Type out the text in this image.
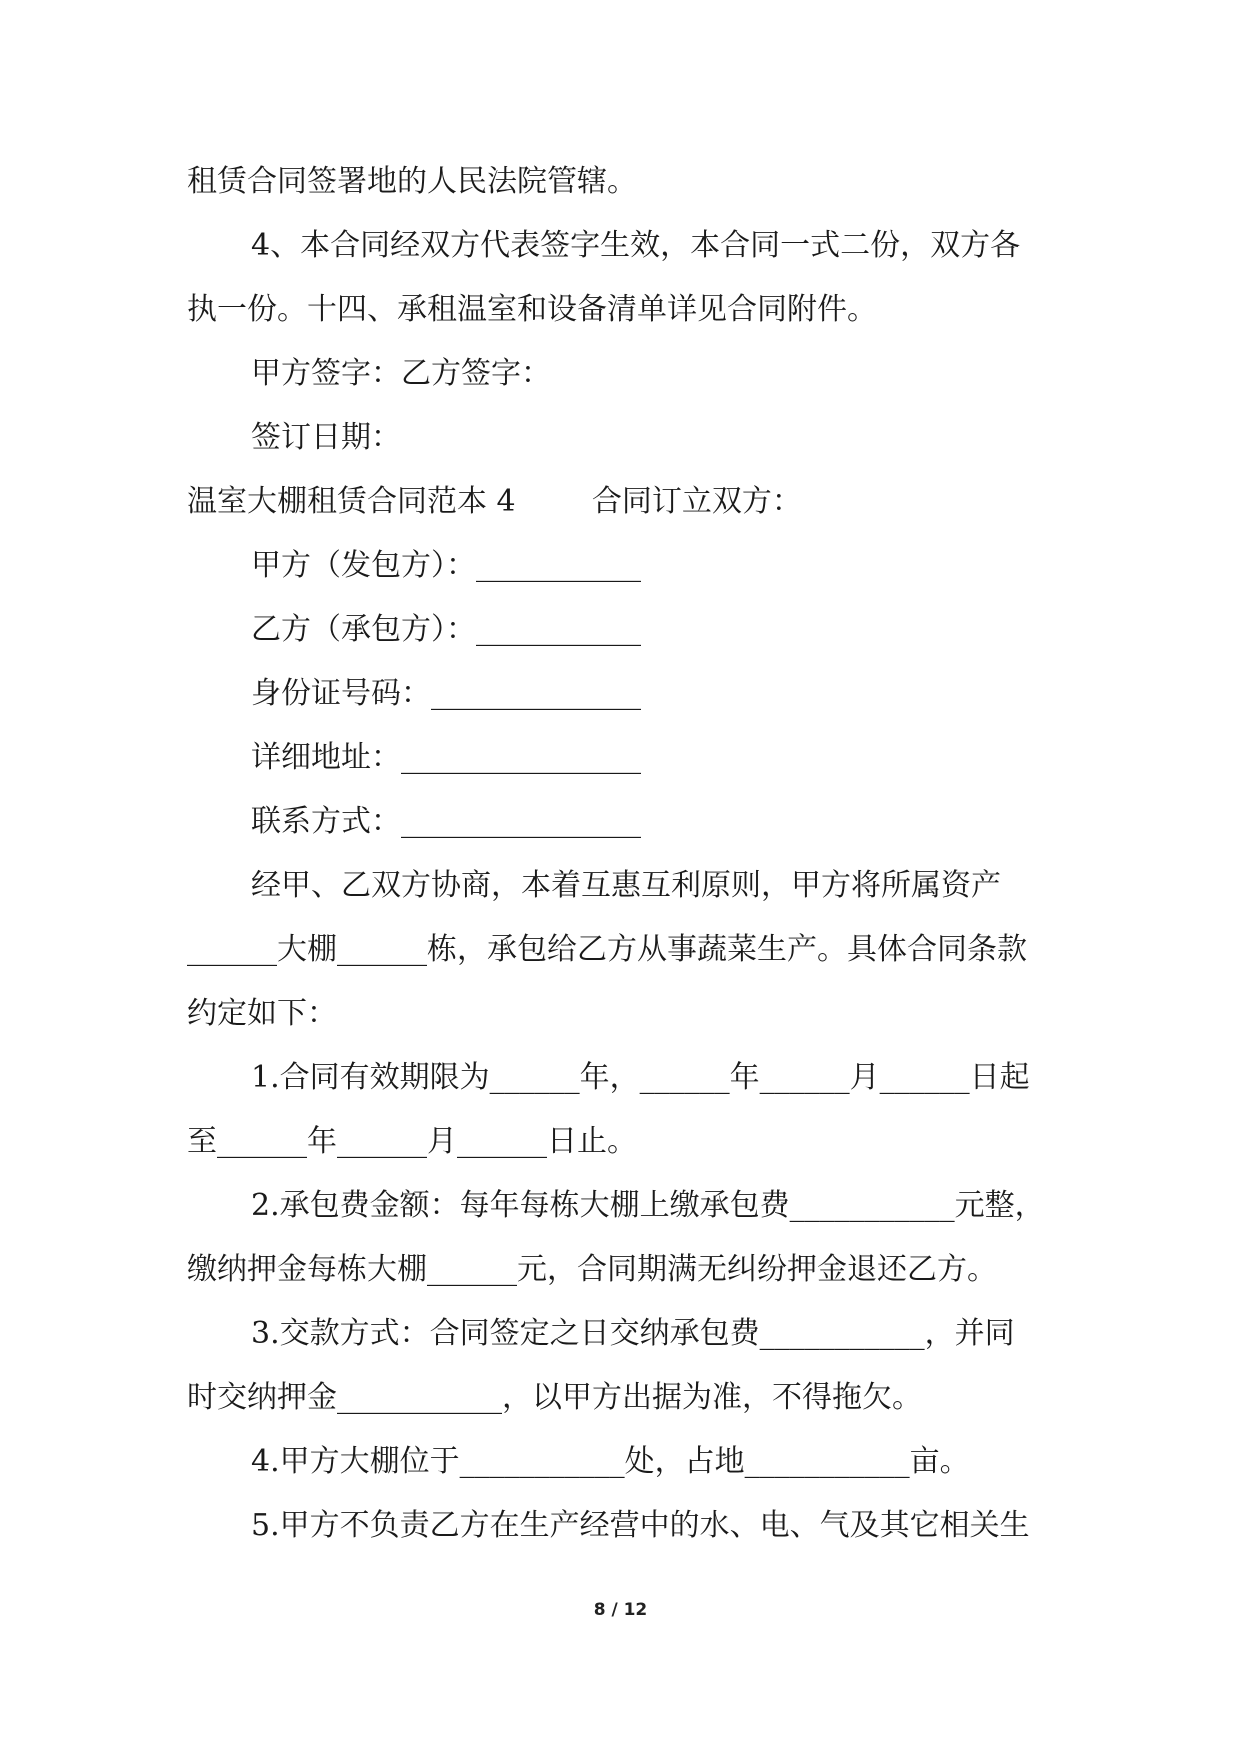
租赁合同签署地的人民法院管辖。

4、本合同经双方代表签字生效，本合同一式二份，双方各

执一份。十四、承租温室和设备清单详见合同附件。

甲方签字：乙方签字：

签订日期：

温室大棚租赁合同范本 4        合同订立双方：

甲方（发包方）：___________

乙方（承包方）：___________

身份证号码：______________

详细地址：________________

联系方式：________________

经甲、乙双方协商，本着互惠互利原则，甲方将所属资产

______大棚______栋，承包给乙方从事蔬菜生产。具体合同条款

约定如下：

1.合同有效期限为______年，______年______月______日起

至______年______月______日止。

2.承包费金额：每年每栋大棚上缴承包费___________元整，

缴纳押金每栋大棚______元，合同期满无纠纷押金退还乙方。

3.交款方式：合同签定之日交纳承包费___________，并同

时交纳押金___________，以甲方出据为准，不得拖欠。

4.甲方大棚位于___________处，占地___________亩。

5.甲方不负责乙方在生产经营中的水、电、气及其它相关生

8 / 12
